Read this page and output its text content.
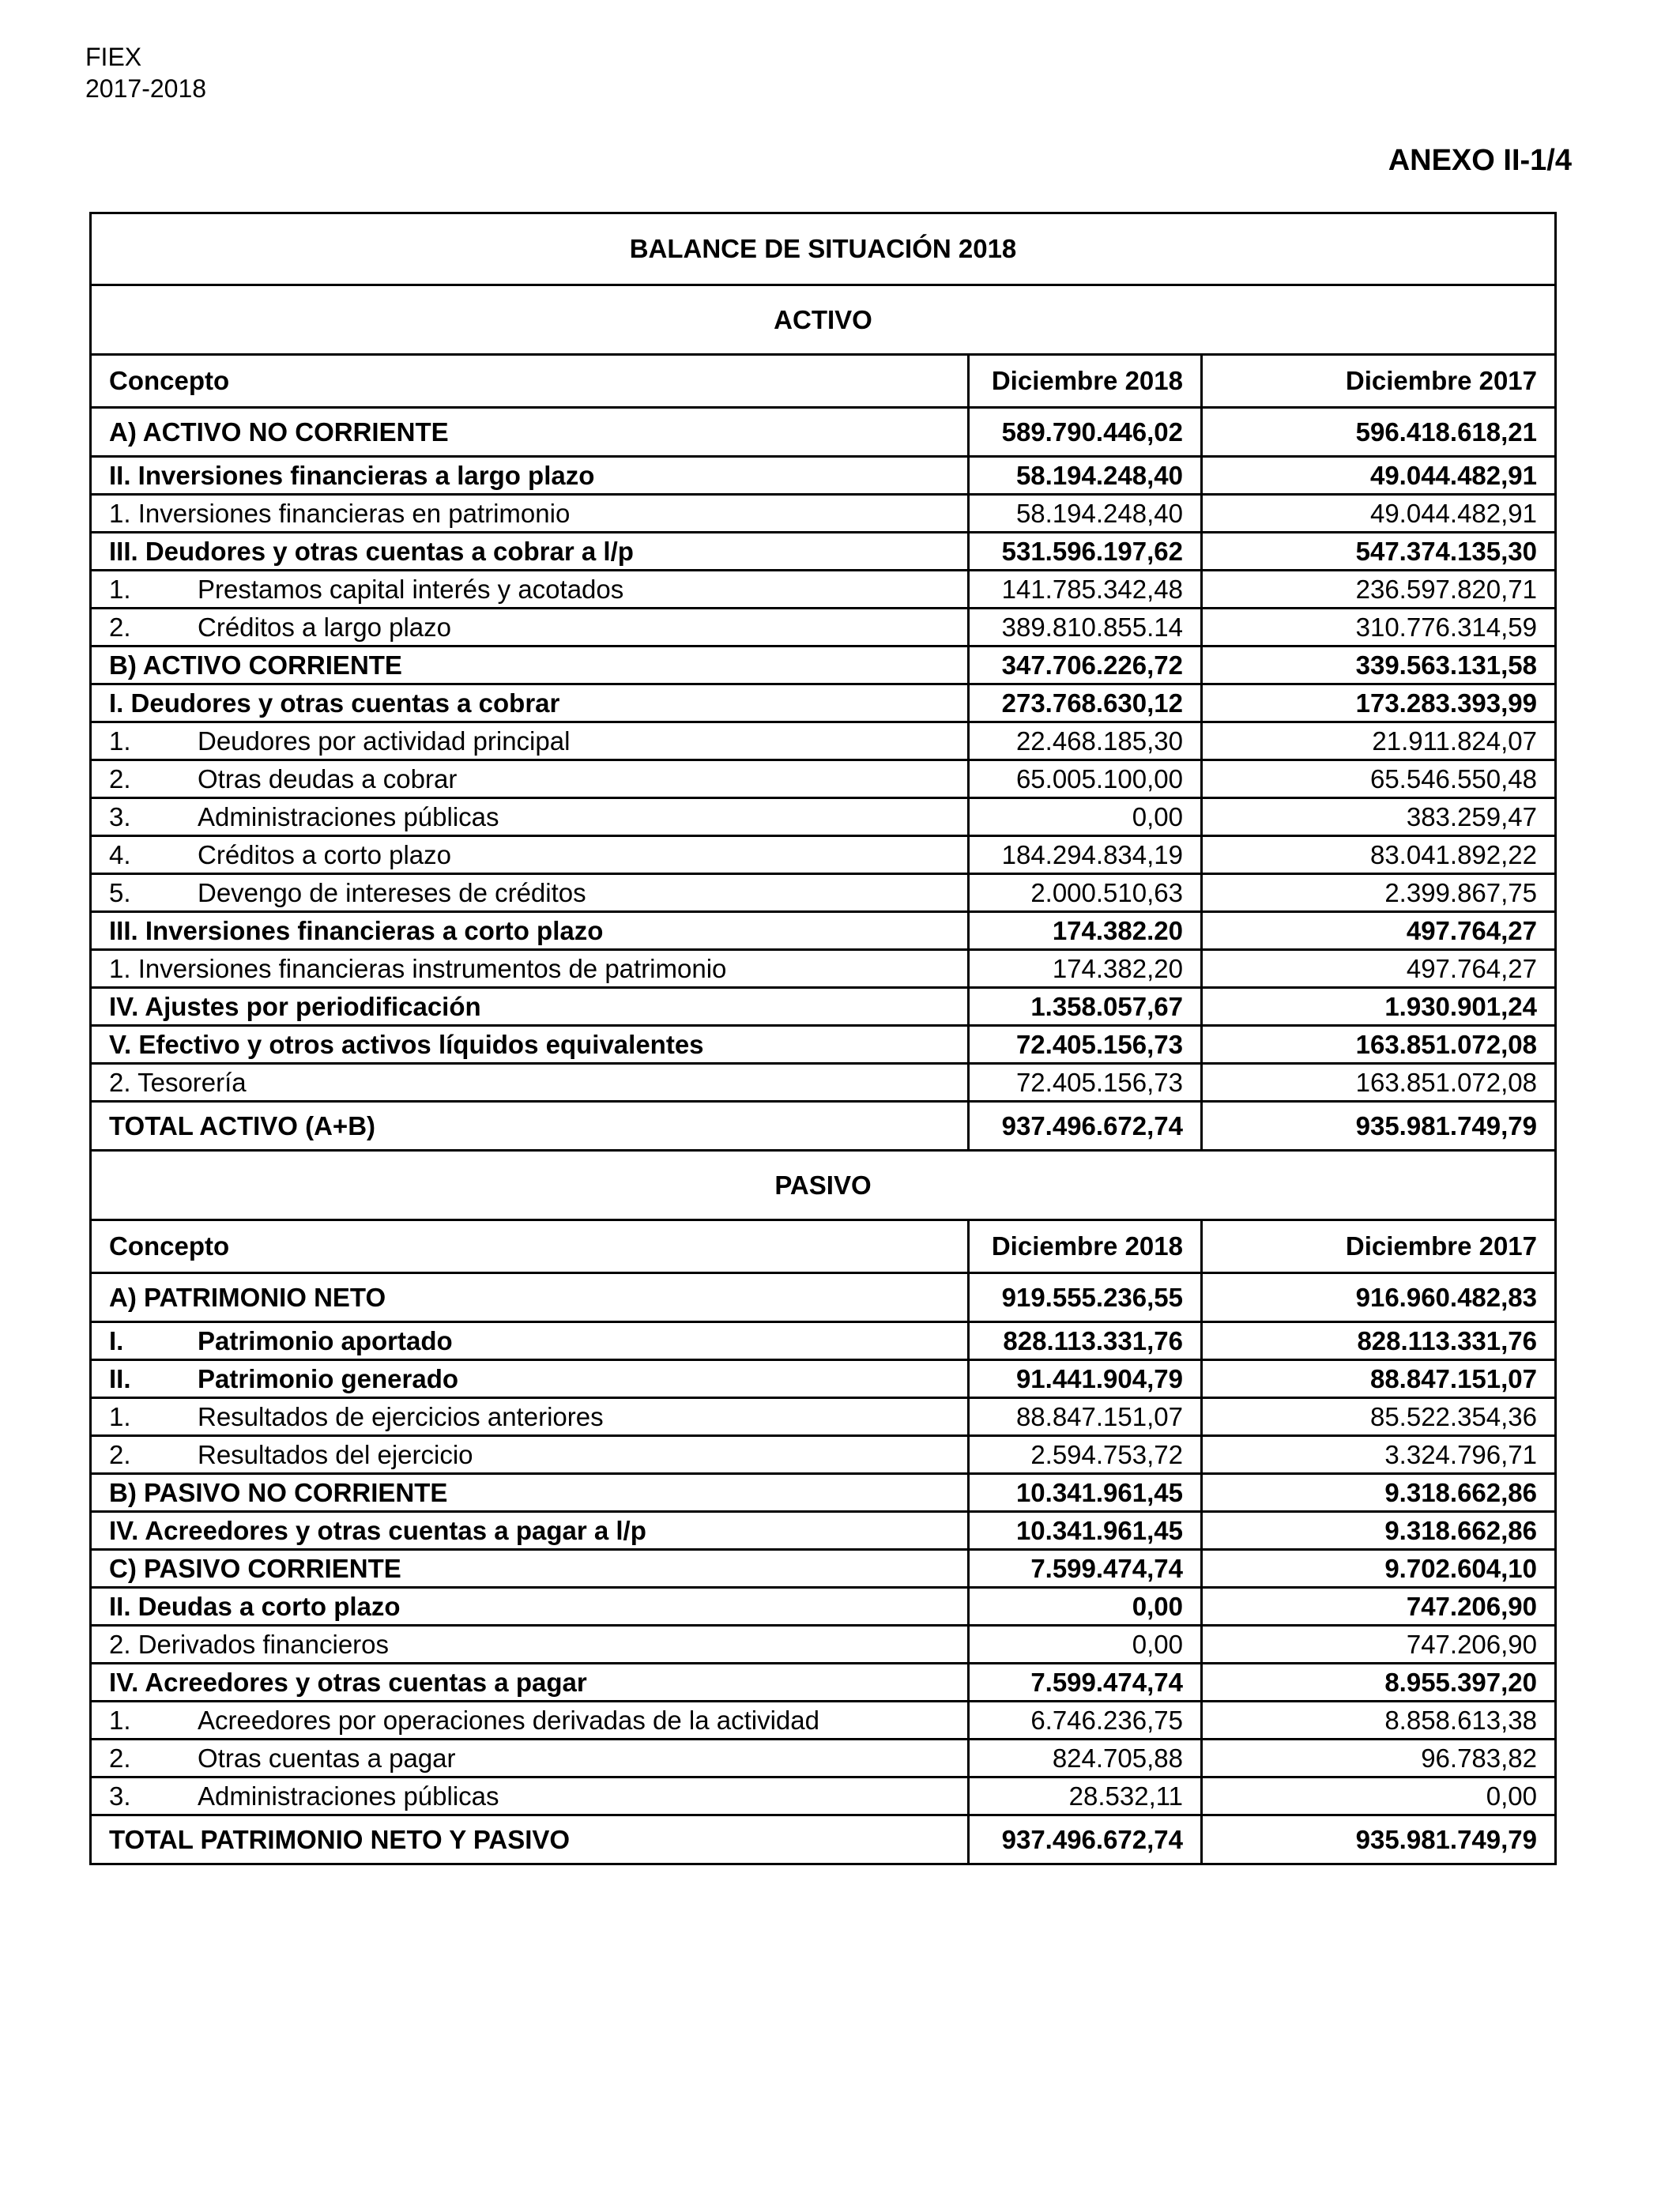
FIEX
2017-2018
ANEXO II-1/4
BALANCE DE SITUACIÓN 2018		
ACTIVO		
Concepto	Diciembre 2018	Diciembre 2017
A) ACTIVO NO CORRIENTE	589.790.446,02	596.418.618,21
II. Inversiones financieras a largo plazo	58.194.248,40	49.044.482,91
1. Inversiones financieras en patrimonio	58.194.248,40	49.044.482,91
III. Deudores y otras cuentas a cobrar a l/p	531.596.197,62	547.374.135,30
1. Prestamos capital interés y acotados	141.785.342,48	236.597.820,71
2. Créditos a largo plazo	389.810.855.14	310.776.314,59
B) ACTIVO CORRIENTE	347.706.226,72	339.563.131,58
I. Deudores y otras cuentas a cobrar	273.768.630,12	173.283.393,99
1. Deudores por actividad principal	22.468.185,30	21.911.824,07
2. Otras deudas a cobrar	65.005.100,00	65.546.550,48
3. Administraciones públicas	0,00	383.259,47
4. Créditos a corto plazo	184.294.834,19	83.041.892,22
5. Devengo de intereses de créditos	2.000.510,63	2.399.867,75
III. Inversiones financieras a corto plazo	174.382.20	497.764,27
1. Inversiones financieras instrumentos de patrimonio	174.382,20	497.764,27
IV. Ajustes por periodificación	1.358.057,67	1.930.901,24
V. Efectivo y otros activos líquidos equivalentes	72.405.156,73	163.851.072,08
2. Tesorería	72.405.156,73	163.851.072,08
TOTAL ACTIVO (A+B)	937.496.672,74	935.981.749,79
PASIVO		
Concepto	Diciembre 2018	Diciembre 2017
A) PATRIMONIO NETO	919.555.236,55	916.960.482,83
I. Patrimonio aportado	828.113.331,76	828.113.331,76
II. Patrimonio generado	91.441.904,79	88.847.151,07
1. Resultados de ejercicios anteriores	88.847.151,07	85.522.354,36
2. Resultados del ejercicio	2.594.753,72	3.324.796,71
B) PASIVO NO CORRIENTE	10.341.961,45	9.318.662,86
IV. Acreedores y otras cuentas a pagar a l/p	10.341.961,45	9.318.662,86
C) PASIVO CORRIENTE	7.599.474,74	9.702.604,10
II. Deudas a corto plazo	0,00	747.206,90
2. Derivados financieros	0,00	747.206,90
IV. Acreedores y otras cuentas a pagar	7.599.474,74	8.955.397,20
1. Acreedores por operaciones derivadas de la actividad	6.746.236,75	8.858.613,38
2. Otras cuentas a pagar	824.705,88	96.783,82
3. Administraciones públicas	28.532,11	0,00
TOTAL PATRIMONIO NETO Y PASIVO	937.496.672,74	935.981.749,79
